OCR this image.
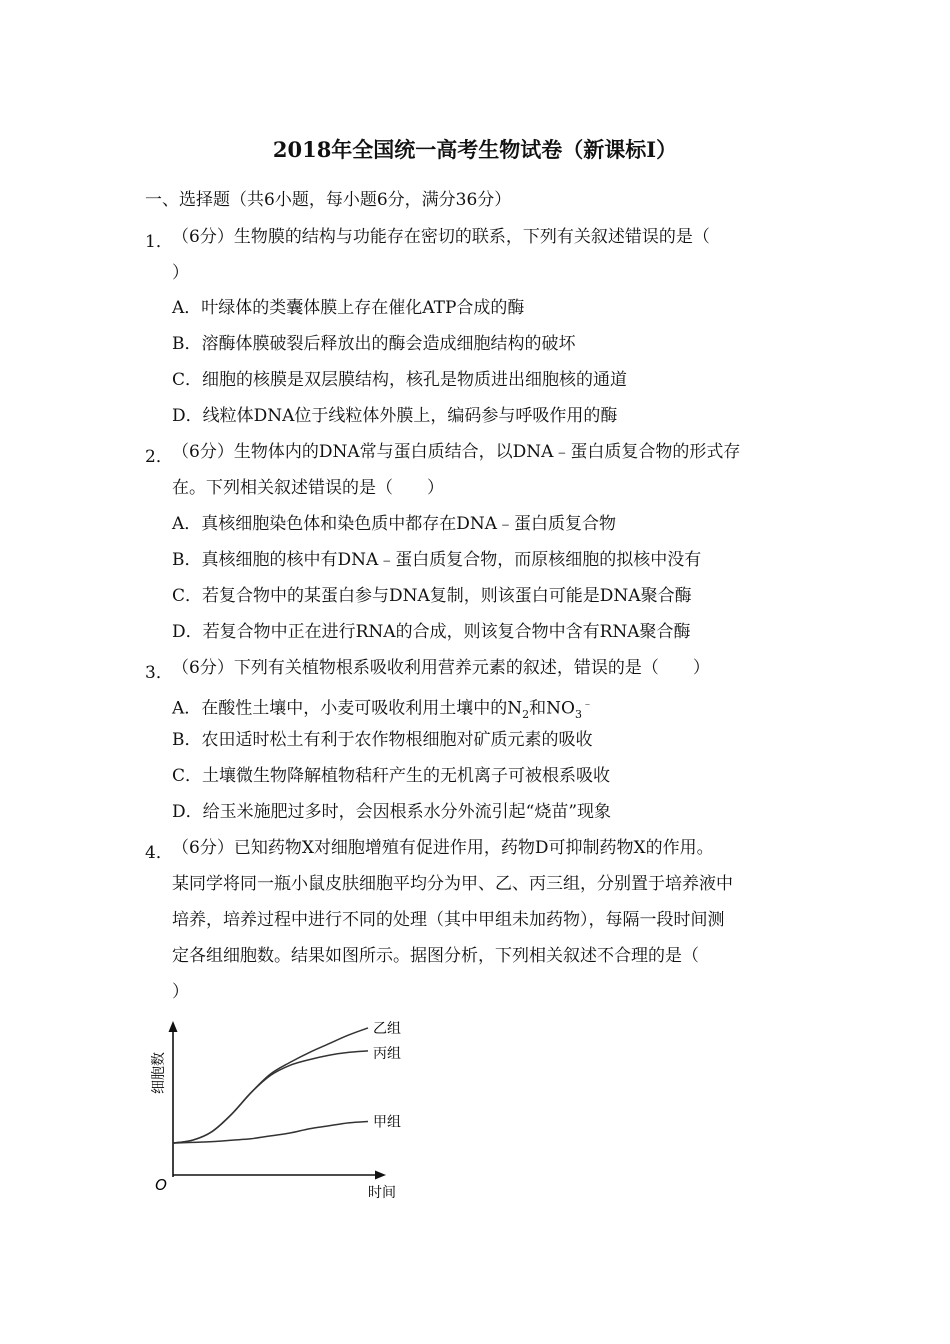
2018年全国统一高考生物试卷（新课标Ⅰ）
一、选择题（共6小题，每小题6分，满分36分）
1． （6分）生物膜的结构与功能存在密切的联系，下列有关叙述错误的是（
）
A．叶绿体的类囊体膜上存在催化ATP合成的酶
B．溶酶体膜破裂后释放出的酶会造成细胞结构的破坏
C．细胞的核膜是双层膜结构，核孔是物质进出细胞核的通道
D．线粒体DNA位于线粒体外膜上，编码参与呼吸作用的酶
2． （6分）生物体内的DNA常与蛋白质结合，以DNA﹣蛋白质复合物的形式存
在。下列相关叙述错误的是（　　）
A．真核细胞染色体和染色质中都存在DNA﹣蛋白质复合物
B．真核细胞的核中有DNA﹣蛋白质复合物，而原核细胞的拟核中没有
C．若复合物中的某蛋白参与DNA复制，则该蛋白可能是DNA聚合酶
D．若复合物中正在进行RNA的合成，则该复合物中含有RNA聚合酶
3． （6分）下列有关植物根系吸收利用营养元素的叙述，错误的是（　　）
A．在酸性土壤中，小麦可吸收利用土壤中的$N_2$和$NO_3^﹣$
B．农田适时松土有利于农作物根细胞对矿质元素的吸收
C．土壤微生物降解植物秸秆产生的无机离子可被根系吸收
D．给玉米施肥过多时，会因根系水分外流引起“烧苗”现象
4． （6分）已知药物X对细胞增殖有促进作用，药物D可抑制药物X的作用。
某同学将同一瓶小鼠皮肤细胞平均分为甲、乙、丙三组，分别置于培养液中
培养，培养过程中进行不同的处理（其中甲组未加药物），每隔一段时间测
定各组细胞数。结果如图所示。据图分析，下列相关叙述不合理的是（
）
细胞数
时间
O
乙组
丙组
甲组
